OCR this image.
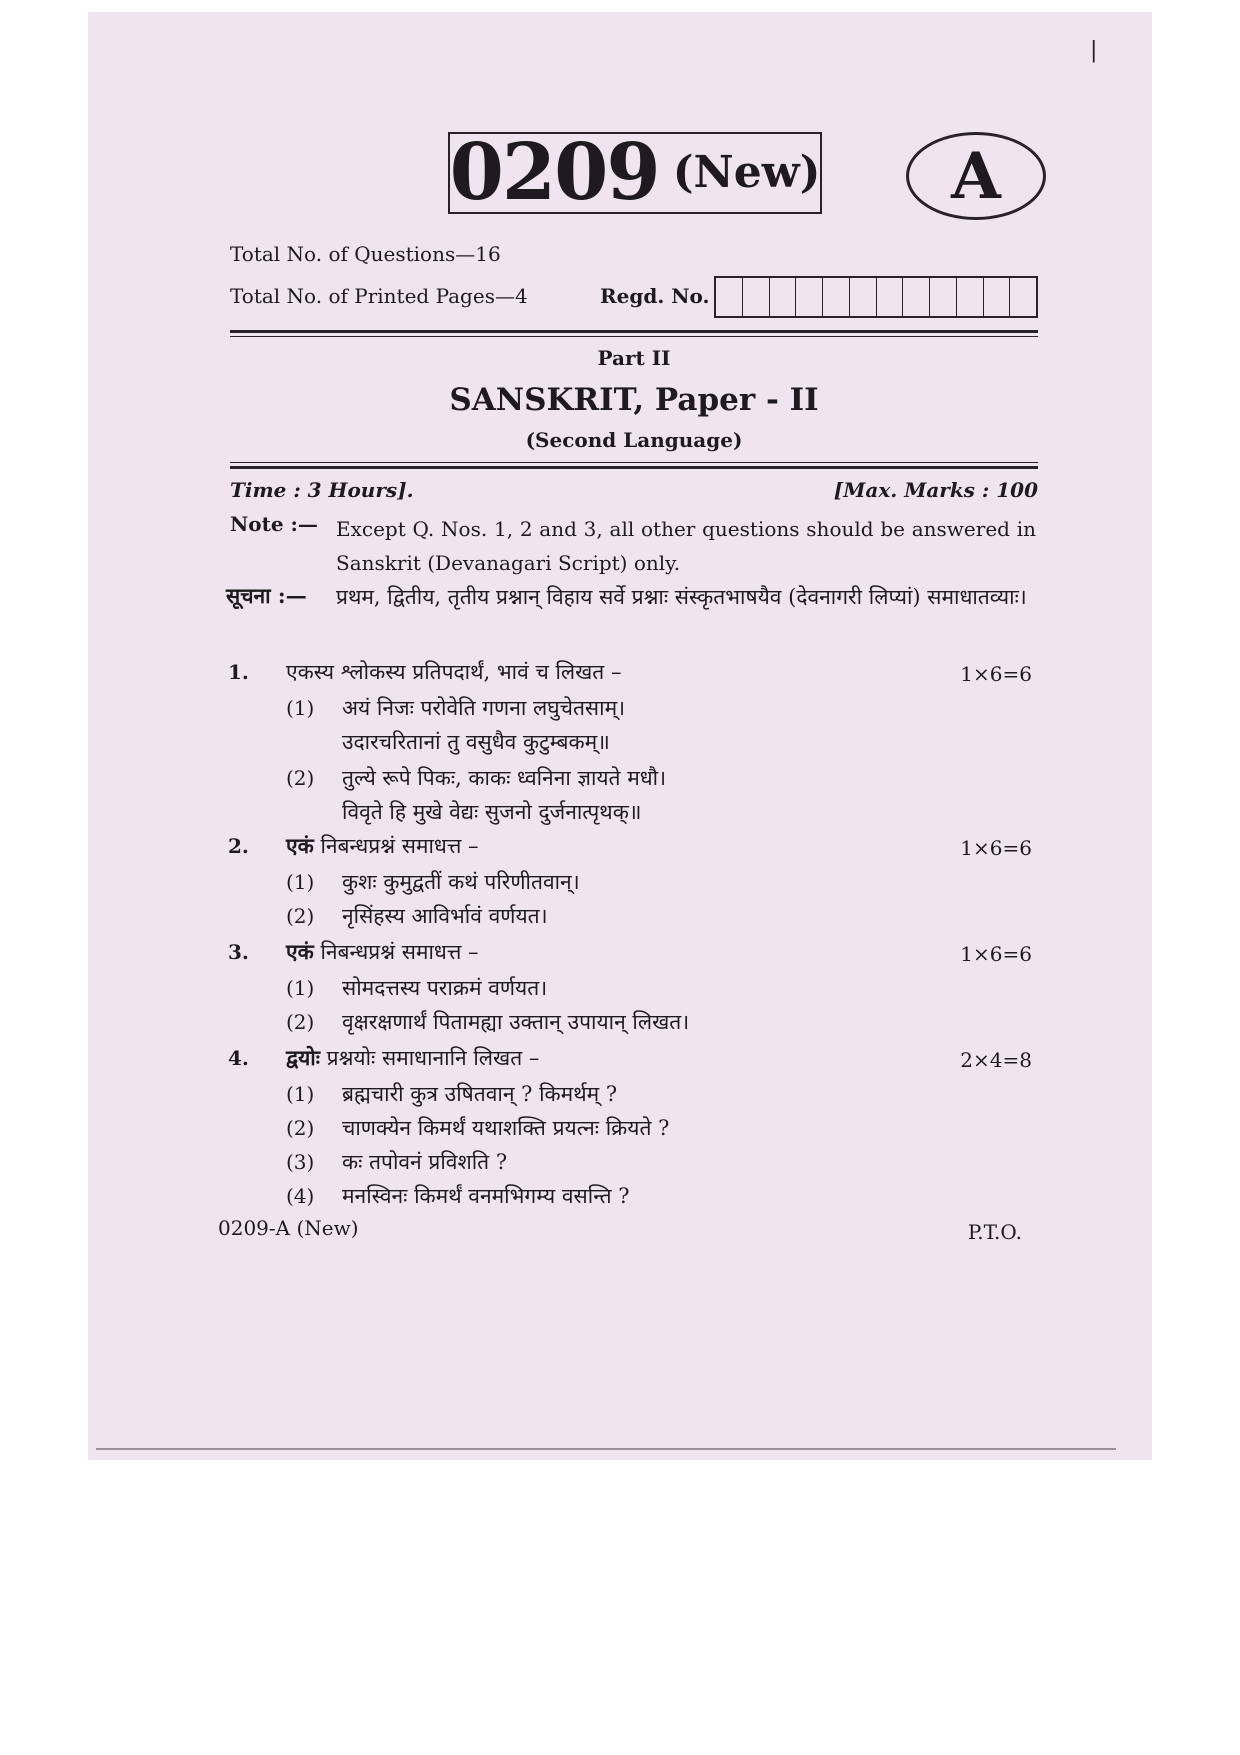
|
0209 (New)	A
Total No. of Questions—16
Total No. of Printed Pages—4	Regd. No.
Part II
SANSKRIT, Paper - II
(Second Language)
Time : 3 Hours].	[Max. Marks : 100
Note :— Except Q. Nos. 1, 2 and 3, all other questions should be answered in Sanskrit (Devanagari Script) only.
सूचना :— प्रथम, द्वितीय, तृतीय प्रश्नान् विहाय सर्वे प्रश्नाः संस्कृतभाषयैव (देवनागरी लिप्यां) समाधातव्याः।
1. एकस्य श्लोकस्य प्रतिपदार्थं, भावं च लिखत –	1×6=6
(1) अयं निजः परोवेति गणना लघुचेतसाम्।
उदारचरितानां तु वसुधैव कुटुम्बकम्॥
(2) तुल्ये रूपे पिकः, काकः ध्वनिना ज्ञायते मधौ।
विवृते हि मुखे वेद्यः सुजनो दुर्जनात्पृथक्॥
2. एकं निबन्धप्रश्नं समाधत्त –	1×6=6
(1) कुशः कुमुद्वतीं कथं परिणीतवान्।
(2) नृसिंहस्य आविर्भावं वर्णयत।
3. एकं निबन्धप्रश्नं समाधत्त –	1×6=6
(1) सोमदत्तस्य पराक्रमं वर्णयत।
(2) वृक्षरक्षणार्थं पितामह्या उक्तान् उपायान् लिखत।
4. द्वयोः प्रश्नयोः समाधानानि लिखत –	2×4=8
(1) ब्रह्मचारी कुत्र उषितवान् ? किमर्थम् ?
(2) चाणक्येन किमर्थं यथाशक्ति प्रयत्नः क्रियते ?
(3) कः तपोवनं प्रविशति ?
(4) मनस्विनः किमर्थं वनमभिगम्य वसन्ति ?
0209-A (New)	P.T.O.
